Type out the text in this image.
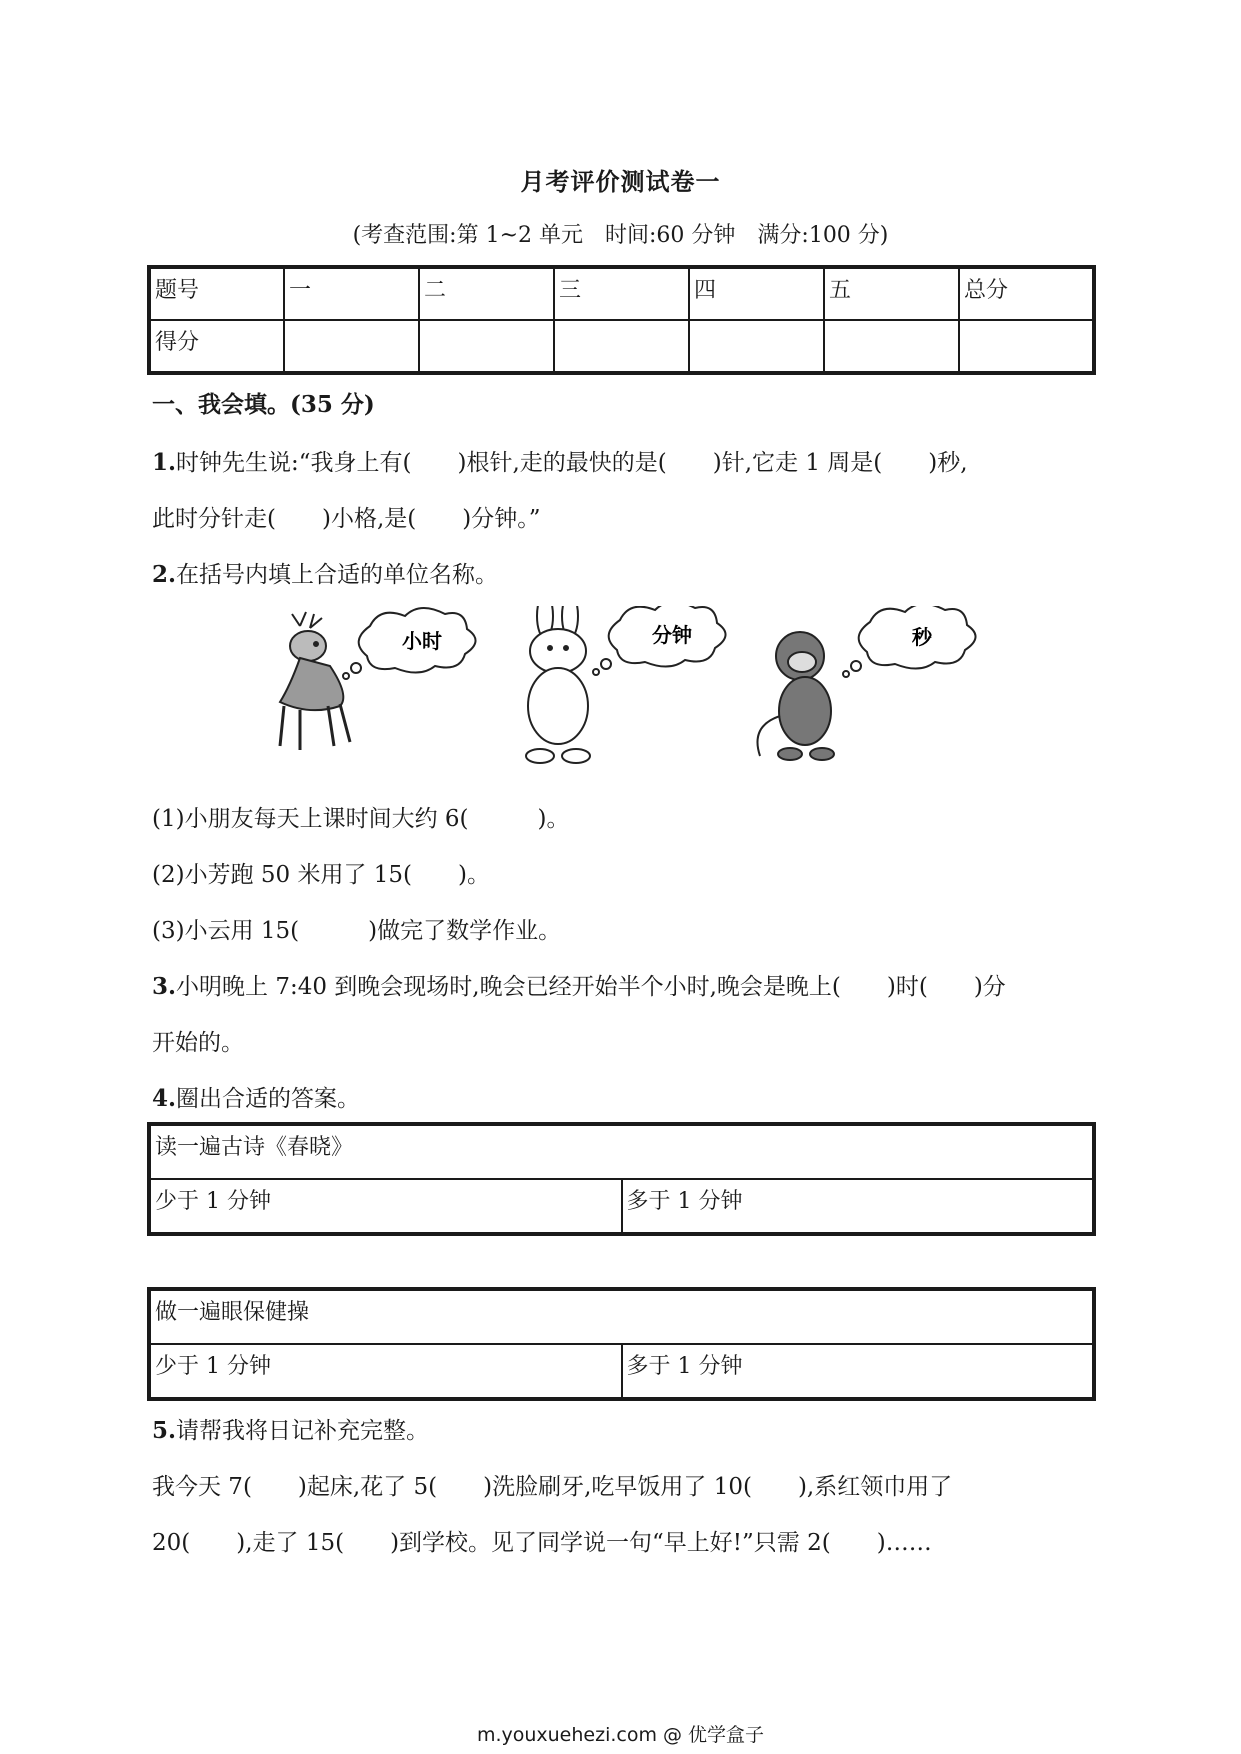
月考评价测试卷一
(考查范围:第 1~2 单元　时间:60 分钟　满分:100 分)
题号	一	二	三	四	五	总分
得分						
一、我会填。(35 分)
1.时钟先生说:“我身上有(　　)根针,走的最快的是(　　)针,它走 1 周是(　　)秒,
此时分针走(　　)小格,是(　　)分钟。”
2.在括号内填上合适的单位名称。
小时	分钟	秒
(1)小朋友每天上课时间大约 6(　　　)。
(2)小芳跑 50 米用了 15(　　)。
(3)小云用 15(　　　)做完了数学作业。
3.小明晚上 7:40 到晚会现场时,晚会已经开始半个小时,晚会是晚上(　　)时(　　)分
开始的。
4.圈出合适的答案。
读一遍古诗《春晓》
少于 1 分钟	多于 1 分钟
做一遍眼保健操
少于 1 分钟	多于 1 分钟
5.请帮我将日记补充完整。
我今天 7(　　)起床,花了 5(　　)洗脸刷牙,吃早饭用了 10(　　),系红领巾用了
20(　　),走了 15(　　)到学校。见了同学说一句“早上好!”只需 2(　　)……
m.youxuehezi.com @ 优学盒子
